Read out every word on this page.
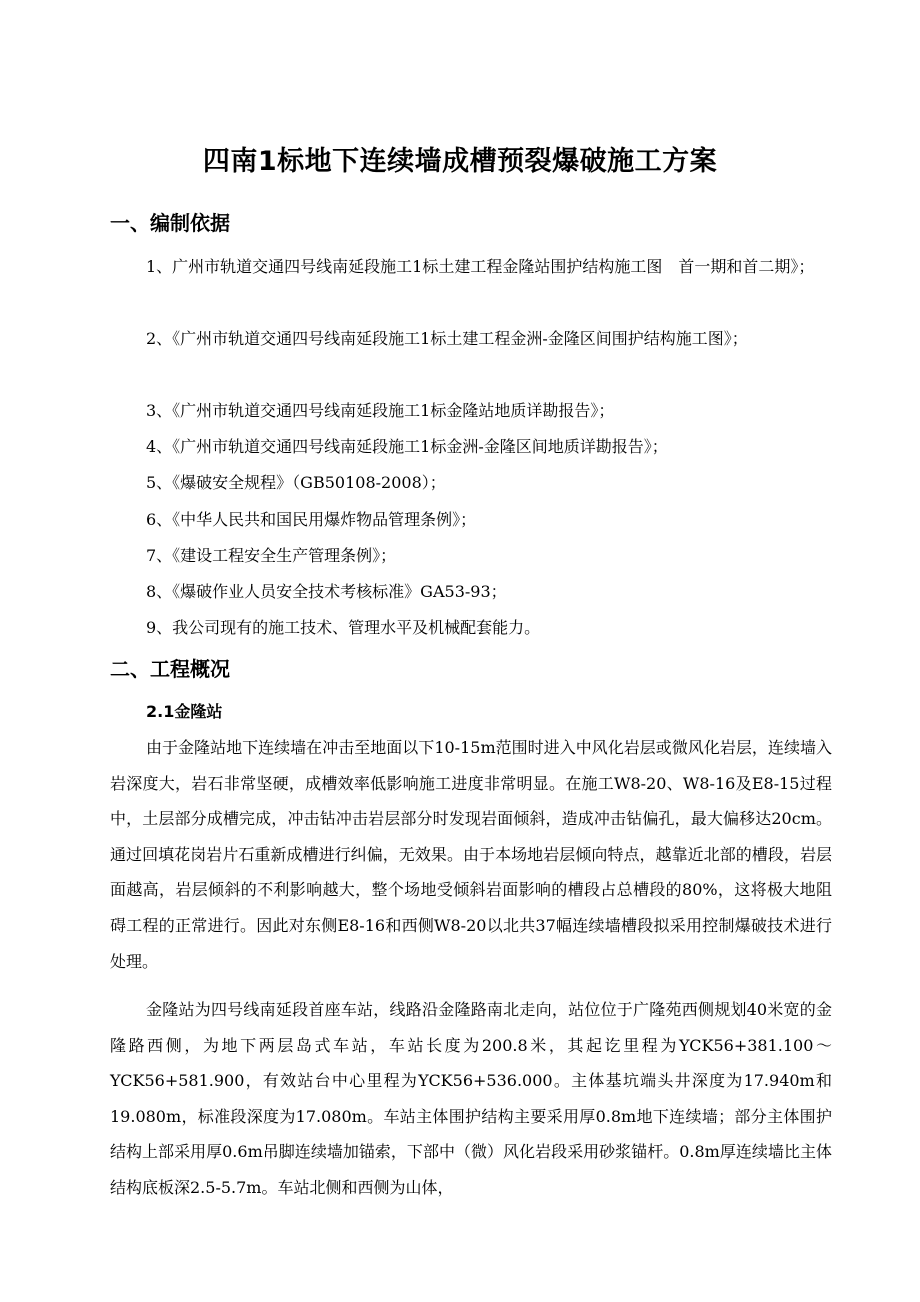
四南1标地下连续墙成槽预裂爆破施工方案
一、编制依据
1、广州市轨道交通四号线南延段施工1标土建工程金隆站围护结构施工图　首一期和首二期》；
2、《广州市轨道交通四号线南延段施工1标土建工程金洲-金隆区间围护结构施工图》；
3、《广州市轨道交通四号线南延段施工1标金隆站地质详勘报告》；
4、《广州市轨道交通四号线南延段施工1标金洲-金隆区间地质详勘报告》；
5、《爆破安全规程》（GB50108-2008）；
6、《中华人民共和国民用爆炸物品管理条例》；
7、《建设工程安全生产管理条例》；
8、《爆破作业人员安全技术考核标准》GA53-93；
9、我公司现有的施工技术、管理水平及机械配套能力。
二、工程概况
2.1金隆站
由于金隆站地下连续墙在冲击至地面以下10-15m范围时进入中风化岩层或微风化岩层，连续墙入岩深度大，岩石非常坚硬，成槽效率低影响施工进度非常明显。在施工W8-20、W8-16及E8-15过程中，土层部分成槽完成，冲击钻冲击岩层部分时发现岩面倾斜，造成冲击钻偏孔，最大偏移达20cm。通过回填花岗岩片石重新成槽进行纠偏，无效果。由于本场地岩层倾向特点，越靠近北部的槽段，岩层面越高，岩层倾斜的不利影响越大，整个场地受倾斜岩面影响的槽段占总槽段的80%，这将极大地阻碍工程的正常进行。因此对东侧E8-16和西侧W8-20以北共37幅连续墙槽段拟采用控制爆破技术进行处理。
金隆站为四号线南延段首座车站，线路沿金隆路南北走向，站位位于广隆苑西侧规划40米宽的金隆路西侧，为地下两层岛式车站，车站长度为200.8米，其起讫里程为YCK56+381.100～YCK56+581.900，有效站台中心里程为YCK56+536.000。主体基坑端头井深度为17.940m和19.080m，标准段深度为17.080m。车站主体围护结构主要采用厚0.8m地下连续墙；部分主体围护结构上部采用厚0.6m吊脚连续墙加锚索，下部中（微）风化岩段采用砂浆锚杆。0.8m厚连续墙比主体结构底板深2.5-5.7m。车站北侧和西侧为山体，
